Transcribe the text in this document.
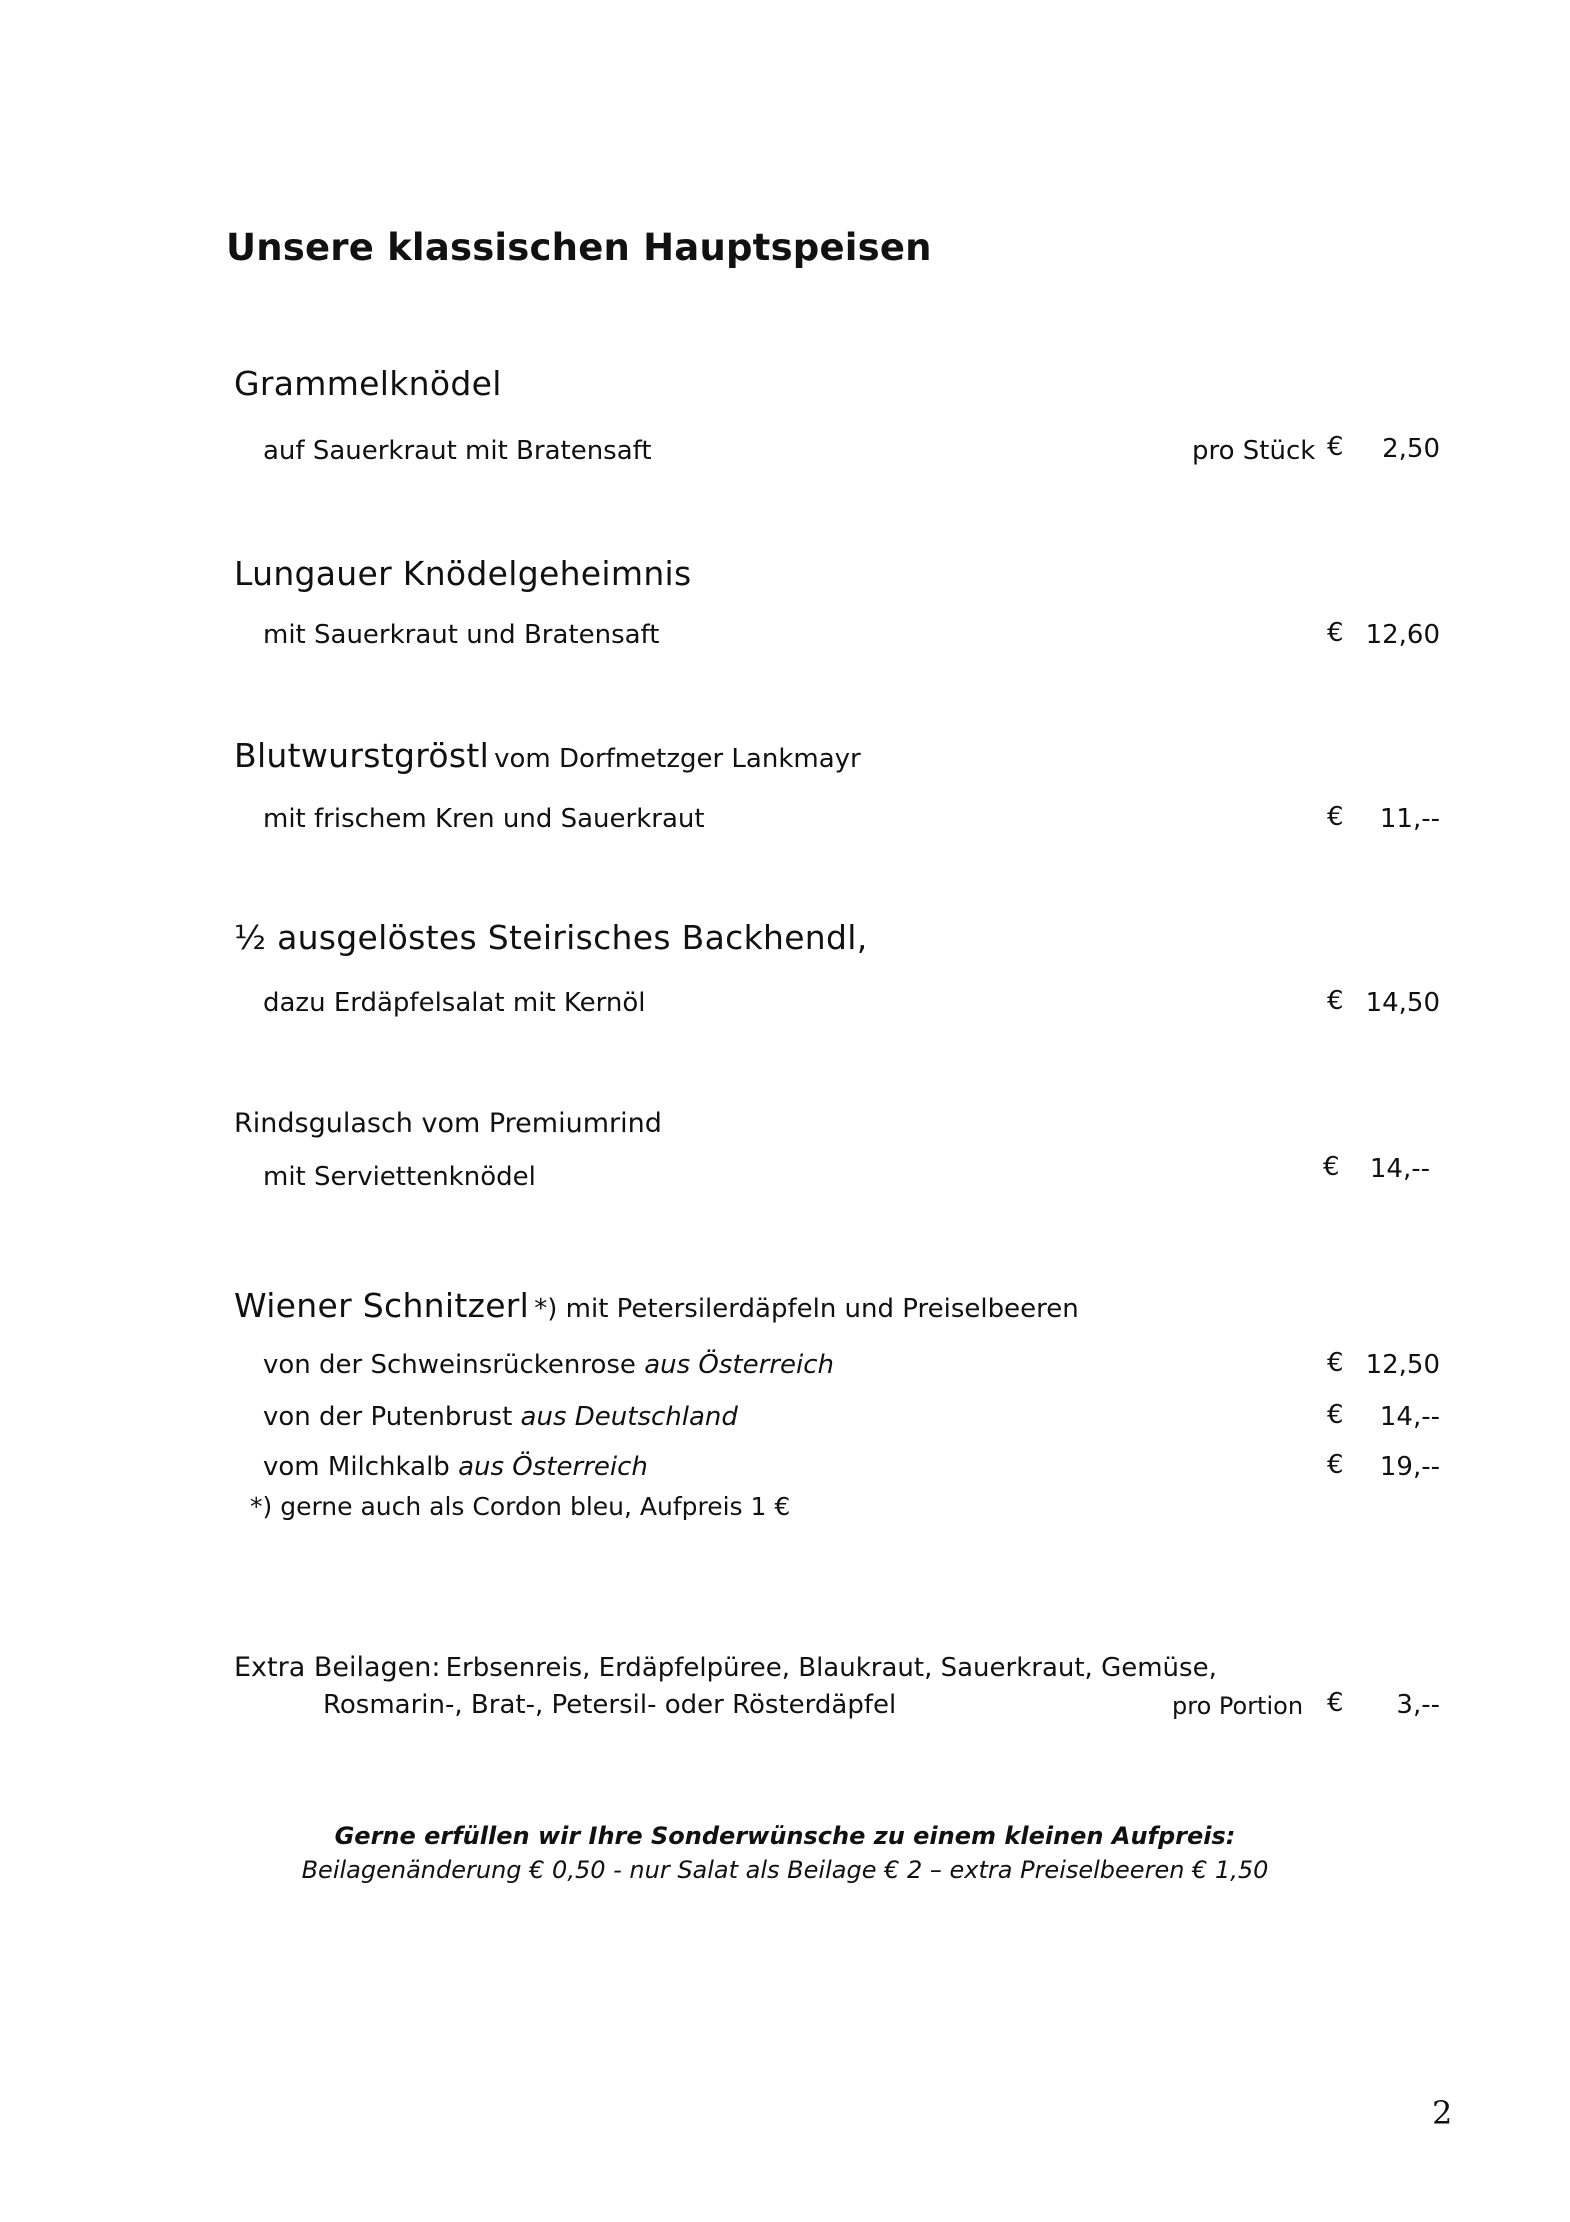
Unsere klassischen Hauptspeisen
Grammelknödel
auf Sauerkraut mit Bratensaft	pro Stück €	2,50
Lungauer Knödelgeheimnis
mit Sauerkraut und Bratensaft	€ 12,60
Blutwurstgröstl vom Dorfmetzger Lankmayr
mit frischem Kren und Sauerkraut	€	11,--
½ ausgelöstes Steirisches Backhendl,
dazu Erdäpfelsalat mit Kernöl	€ 14,50
Rindsgulasch vom Premiumrind
mit Serviettenknödel	€	14,--
Wiener Schnitzerl *) mit Petersilerdäpfeln und Preiselbeeren
von der Schweinsrückenrose aus Österreich	€ 12,50
von der Putenbrust aus Deutschland	€	14,--
vom Milchkalb aus Österreich	€	19,--
*) gerne auch als Cordon bleu, Aufpreis 1 €
Extra Beilagen: Erbsenreis, Erdäpfelpüree, Blaukraut, Sauerkraut, Gemüse,
Rosmarin-, Brat-, Petersil- oder Rösterdäpfel	pro Portion €	3,--
Gerne erfüllen wir Ihre Sonderwünsche zu einem kleinen Aufpreis:
Beilagenänderung € 0,50 - nur Salat als Beilage € 2 – extra Preiselbeeren € 1,50
2
